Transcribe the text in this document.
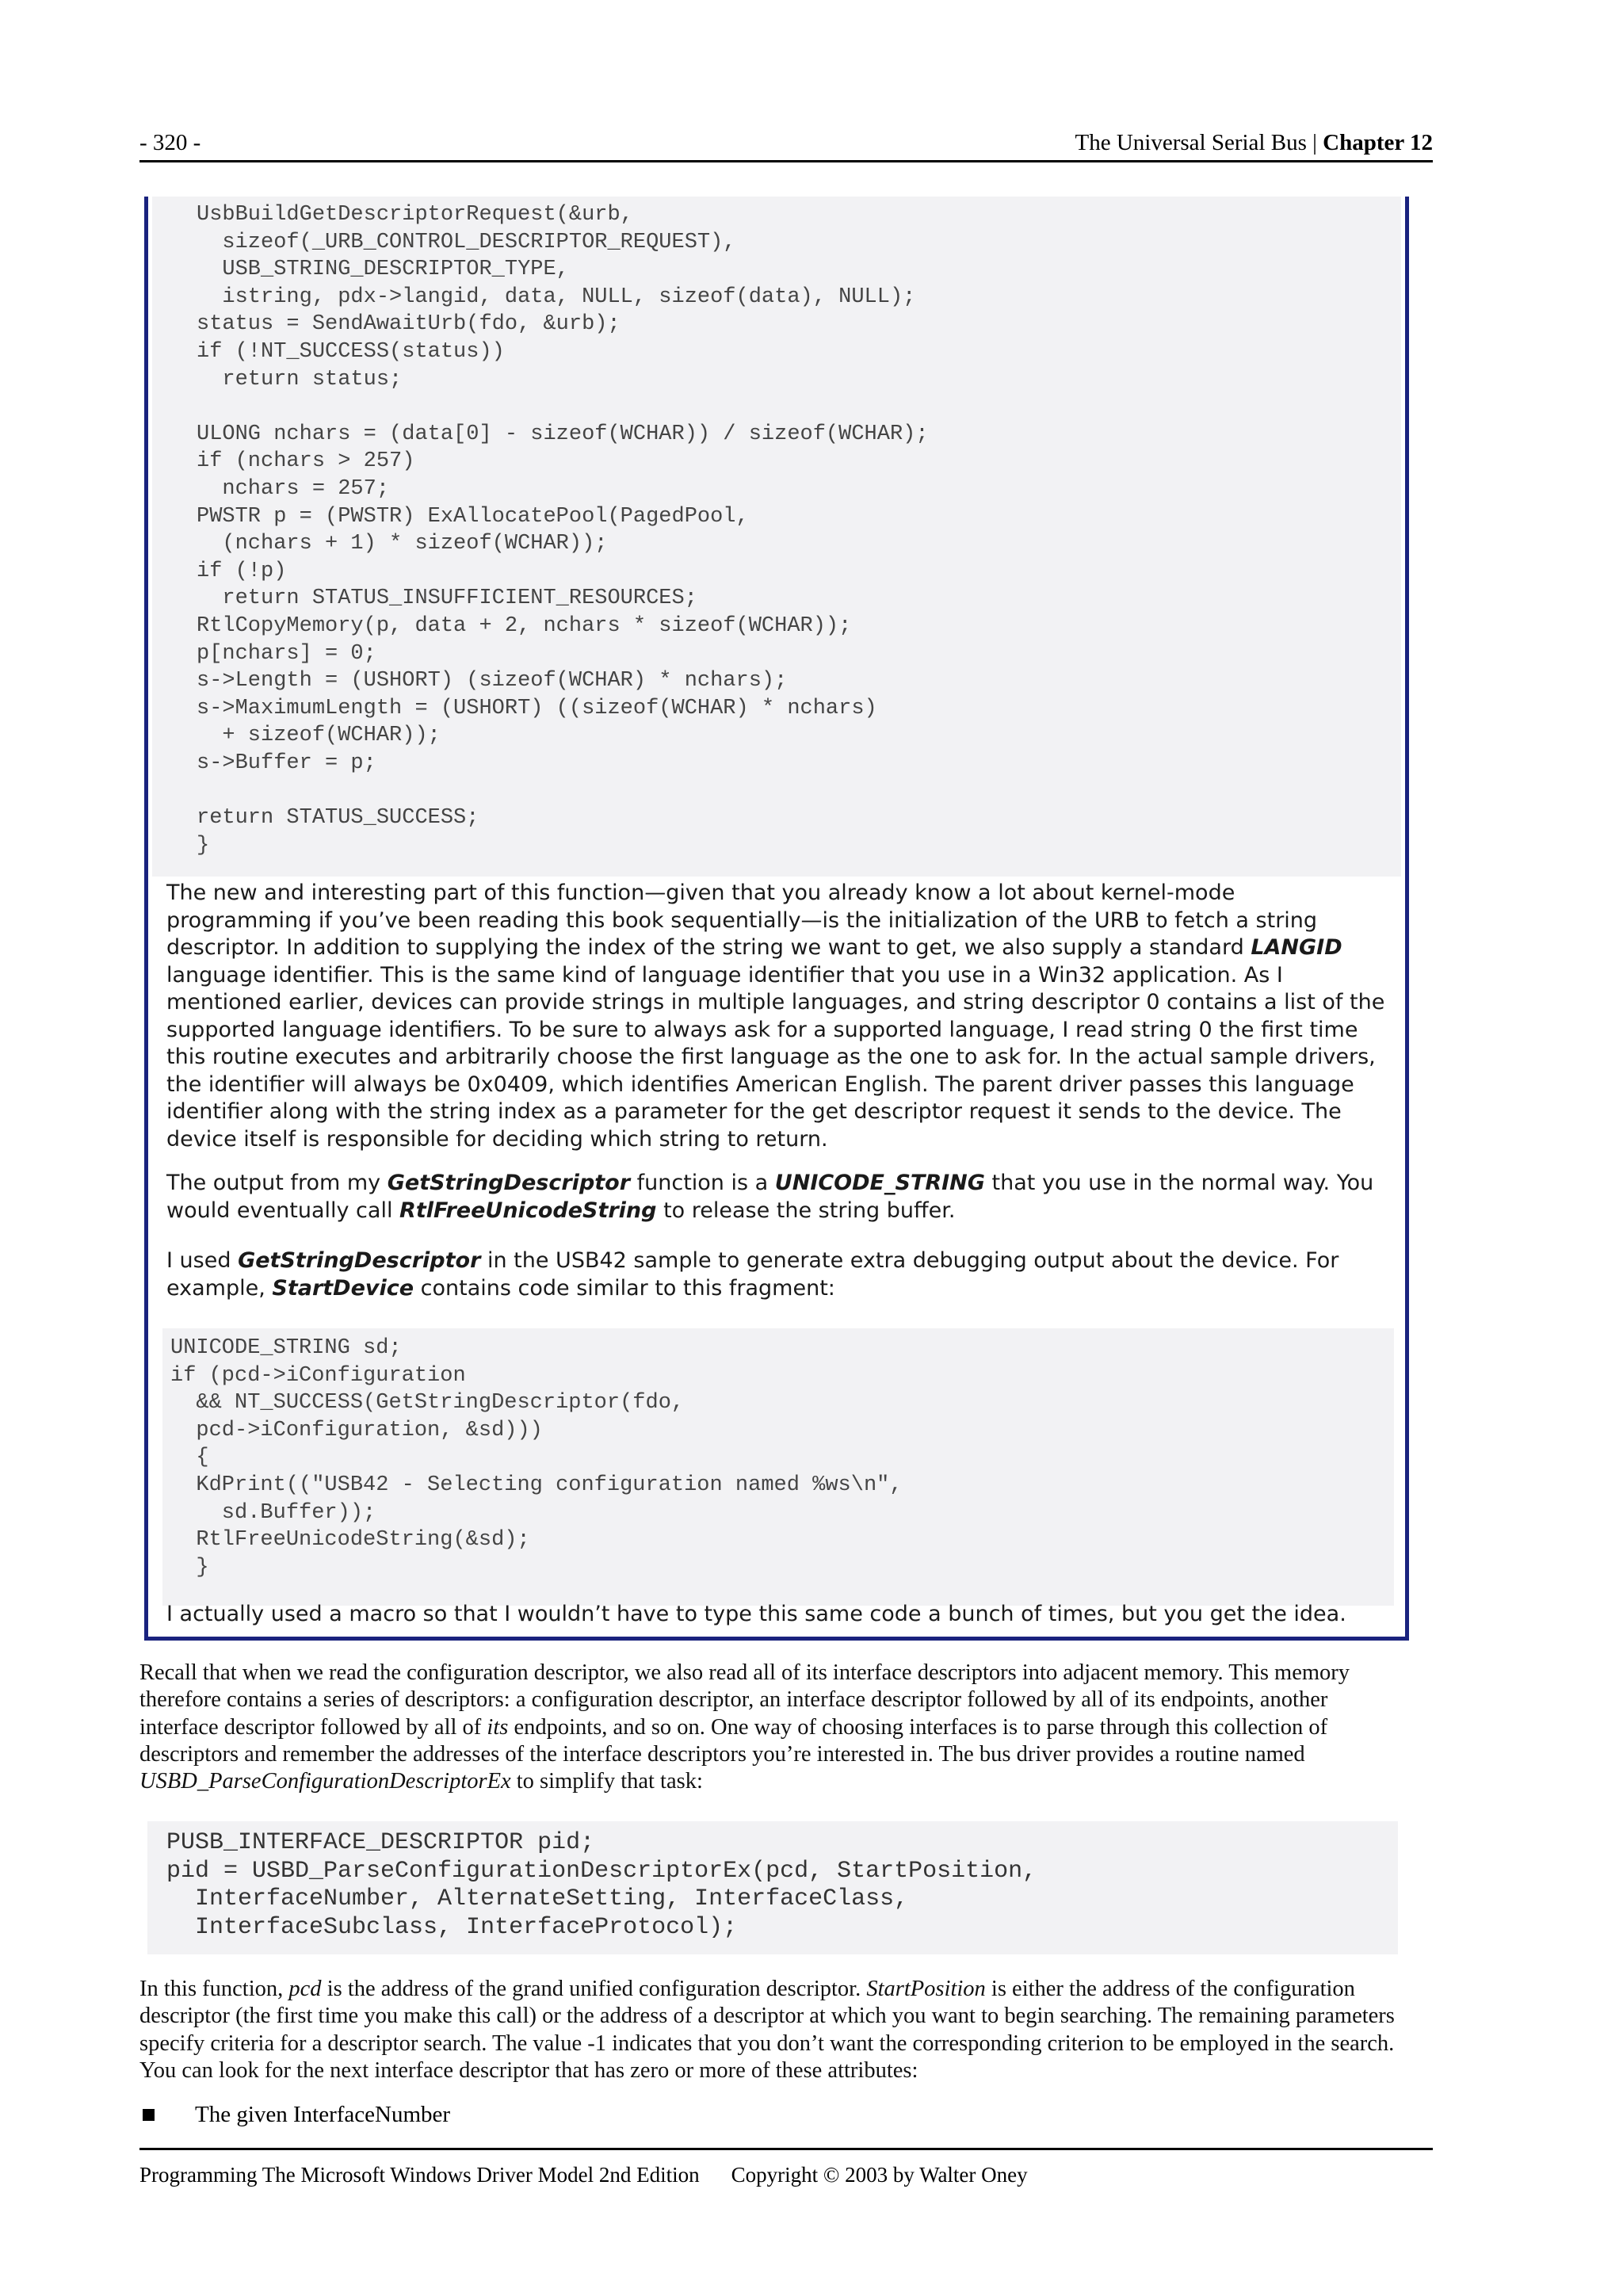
- 320 -	The Universal Serial Bus | Chapter 12
UsbBuildGetDescriptorRequest(&urb,
sizeof(_URB_CONTROL_DESCRIPTOR_REQUEST),
USB_STRING_DESCRIPTOR_TYPE,
istring, pdx->langid, data, NULL, sizeof(data), NULL);
status = SendAwaitUrb(fdo, &urb);
if (!NT_SUCCESS(status))
return status;

ULONG nchars = (data[0] - sizeof(WCHAR)) / sizeof(WCHAR);
if (nchars > 257)
nchars = 257;
PWSTR p = (PWSTR) ExAllocatePool(PagedPool,
(nchars + 1) * sizeof(WCHAR));
if (!p)
return STATUS_INSUFFICIENT_RESOURCES;
RtlCopyMemory(p, data + 2, nchars * sizeof(WCHAR));
p[nchars] = 0;
s->Length = (USHORT) (sizeof(WCHAR) * nchars);
s->MaximumLength = (USHORT) ((sizeof(WCHAR) * nchars)
+ sizeof(WCHAR));
s->Buffer = p;

return STATUS_SUCCESS;
}

The new and interesting part of this function—given that you already know a lot about kernel-mode programming if you’ve been reading this book sequentially—is the initialization of the URB to fetch a string descriptor. In addition to supplying the index of the string we want to get, we also supply a standard LANGID language identifier. This is the same kind of language identifier that you use in a Win32 application. As I mentioned earlier, devices can provide strings in multiple languages, and string descriptor 0 contains a list of the supported language identifiers. To be sure to always ask for a supported language, I read string 0 the first time this routine executes and arbitrarily choose the first language as the one to ask for. In the actual sample drivers, the identifier will always be 0x0409, which identifies American English. The parent driver passes this language identifier along with the string index as a parameter for the get descriptor request it sends to the device. The device itself is responsible for deciding which string to return.

The output from my GetStringDescriptor function is a UNICODE_STRING that you use in the normal way. You would eventually call RtlFreeUnicodeString to release the string buffer.

I used GetStringDescriptor in the USB42 sample to generate extra debugging output about the device. For example, StartDevice contains code similar to this fragment:

UNICODE_STRING sd;
if (pcd->iConfiguration
&& NT_SUCCESS(GetStringDescriptor(fdo,
pcd->iConfiguration, &sd)))
{
KdPrint(("USB42 - Selecting configuration named %ws\n",
sd.Buffer));
RtlFreeUnicodeString(&sd);
}

I actually used a macro so that I wouldn’t have to type this same code a bunch of times, but you get the idea.

Recall that when we read the configuration descriptor, we also read all of its interface descriptors into adjacent memory. This memory therefore contains a series of descriptors: a configuration descriptor, an interface descriptor followed by all of its endpoints, another interface descriptor followed by all of its endpoints, and so on. One way of choosing interfaces is to parse through this collection of descriptors and remember the addresses of the interface descriptors you’re interested in. The bus driver provides a routine named USBD_ParseConfigurationDescriptorEx to simplify that task:

PUSB_INTERFACE_DESCRIPTOR pid;
pid = USBD_ParseConfigurationDescriptorEx(pcd, StartPosition,
InterfaceNumber, AlternateSetting, InterfaceClass,
InterfaceSubclass, InterfaceProtocol);

In this function, pcd is the address of the grand unified configuration descriptor. StartPosition is either the address of the configuration descriptor (the first time you make this call) or the address of a descriptor at which you want to begin searching. The remaining parameters specify criteria for a descriptor search. The value -1 indicates that you don’t want the corresponding criterion to be employed in the search. You can look for the next interface descriptor that has zero or more of these attributes:

The given InterfaceNumber
Programming The Microsoft Windows Driver Model 2nd Edition Copyright © 2003 by Walter Oney
